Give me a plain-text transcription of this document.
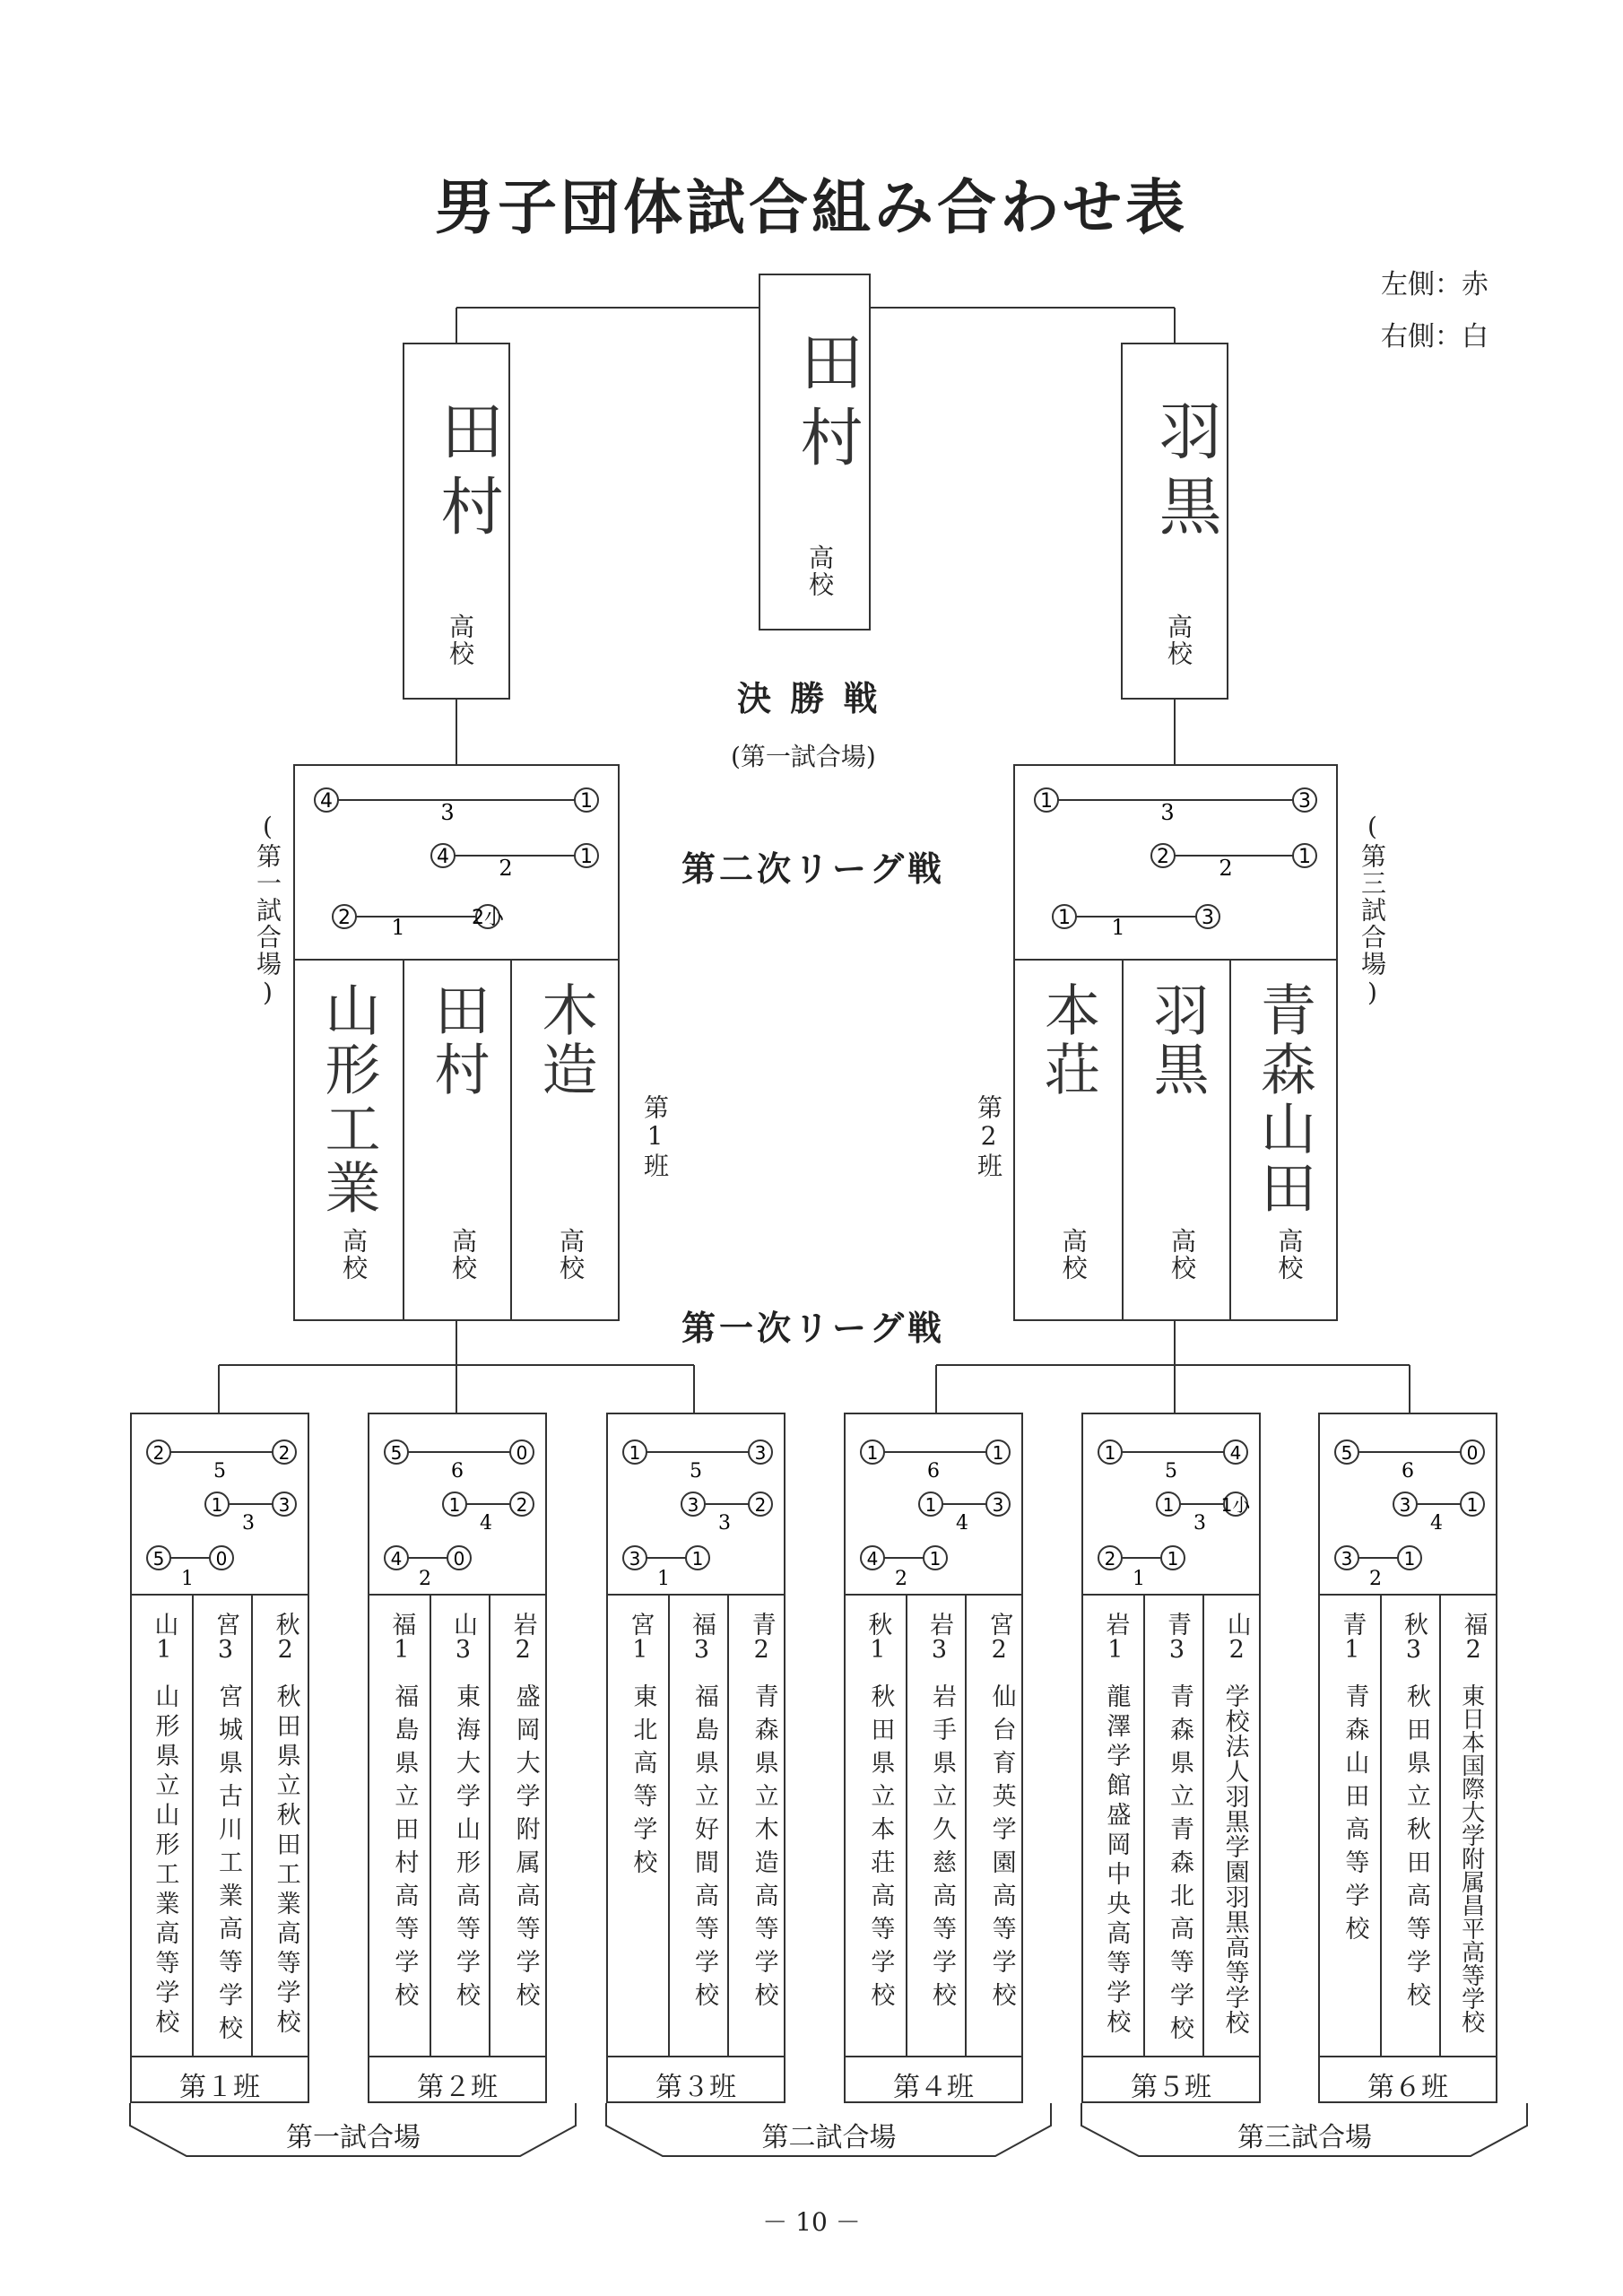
男子団体試合組み合わせ表
左側：赤
右側：白
田村
高校
田村
高校
羽黒
高校
決 勝 戦
(第一試合場)
第二次リーグ戦
第一次リーグ戦
(第一試合場)	(第三試合場)
第1班	第2班
4	1
3
4	1
2
2	2小
1
山形工業
高校
田村
高校
木造
高校
1	3
3
2	1
2
1	3
1
本荘
高校
羽黒
高校
青森山田
高校
2	2
5
1	3
3
5	0
1
山1
山形県立山形工業高等学校
宮3
宮城県古川工業高等学校
秋2
秋田県立秋田工業高等学校
第１班
5	0
6
1	2
4
4	0
2
福1
福島県立田村高等学校
山3
東海大学山形高等学校
岩2
盛岡大学附属高等学校
第２班
1	3
5
3	2
3
3	1
1
宮1
東北高等学校
福3
福島県立好間高等学校
青2
青森県立木造高等学校
第３班
1	1
6
1	3
4
4	1
2
秋1
秋田県立本荘高等学校
岩3
岩手県立久慈高等学校
宮2
仙台育英学園高等学校
第４班
1	4
5
1	1小
3
2	1
1
岩1
龍澤学館盛岡中央高等学校
青3
青森県立青森北高等学校
山2
学校法人羽黒学園羽黒高等学校
第５班
5	0
6
3	1
4
3	1
2
青1
青森山田高等学校
秋3
秋田県立秋田高等学校
福2
東日本国際大学附属昌平高等学校
第６班
第一試合場	第二試合場	第三試合場
－ 10 －
